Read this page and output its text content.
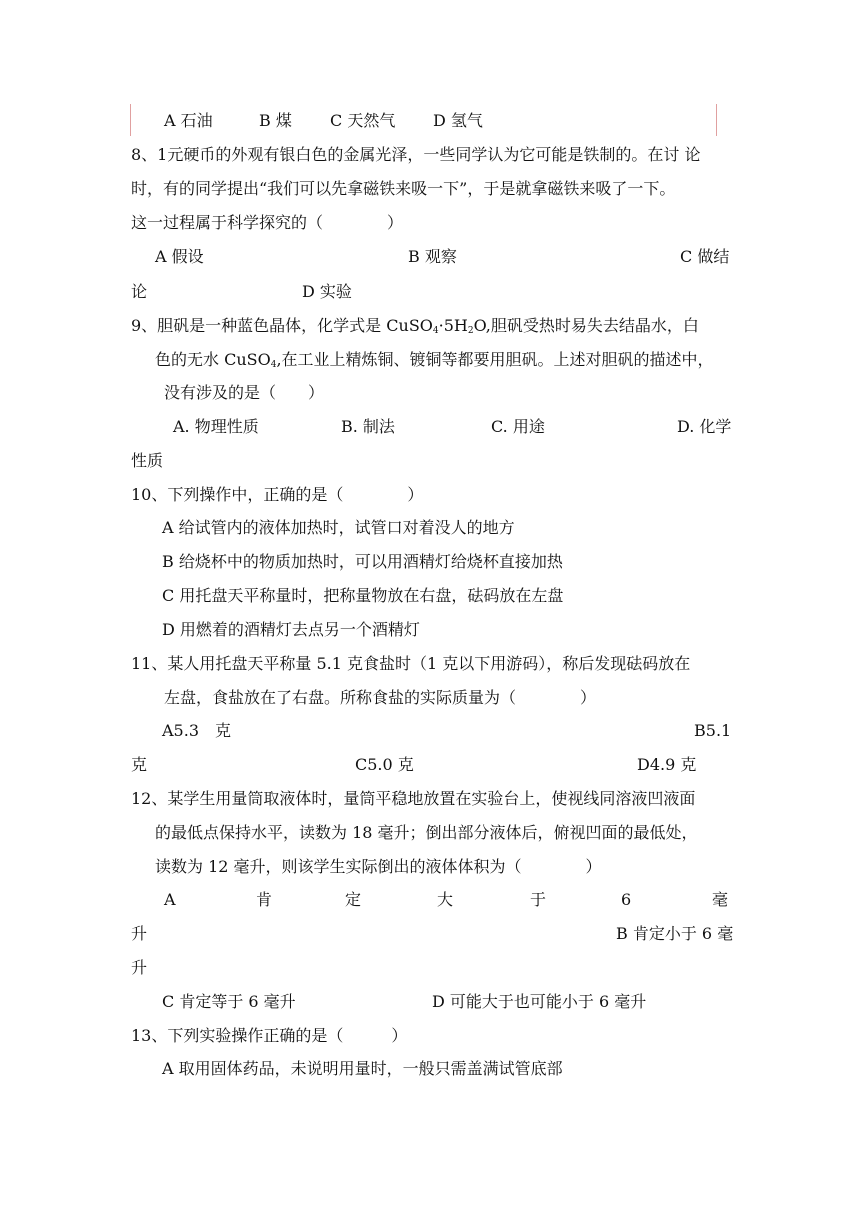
A 石油	B 煤 C 天然气 D 氢气
8、1元硬币的外观有银白色的金属光泽，一些同学认为它可能是铁制的。在讨 论
时，有的同学提出“我们可以先拿磁铁来吸一下”，于是就拿磁铁来吸了一下。
这一过程属于科学探究的（　　　　）
A 假设	B 观察	C 做结
论	D 实验
9、胆矾是一种蓝色晶体，化学式是 $CuSO_4\cdot 5H_2O$,胆矾受热时易失去结晶水，白
色的无水 CuSO$_4$,在工业上精炼铜、镀铜等都要用胆矾。上述对胆矾的描述中，
没有涉及的是（　　）
A. 物理性质	B. 制法	C. 用途	D. 化学
性质
10、下列操作中，正确的是（　　　　）
A 给试管内的液体加热时，试管口对着没人的地方
B 给烧杯中的物质加热时，可以用酒精灯给烧杯直接加热
C 用托盘天平称量时，把称量物放在右盘，砝码放在左盘
D 用燃着的酒精灯去点另一个酒精灯
11、某人用托盘天平称量 5.1 克食盐时（1 克以下用游码），称后发现砝码放在
左盘，食盐放在了右盘。所称食盐的实际质量为（　　　　）
A5.3　克	B5.1
克	C5.0 克	D4.9 克
12、某学生用量筒取液体时，量筒平稳地放置在实验台上，使视线同溶液凹液面
的最低点保持水平，读数为 18 毫升；倒出部分液体后，俯视凹面的最低处，
读数为 12 毫升，则该学生实际倒出的液体体积为（　　　　）
A	肯	定	大	于	6	毫
升	B 肯定小于 6 毫
升
C 肯定等于 6 毫升	D 可能大于也可能小于 6 毫升
13、下列实验操作正确的是（　　　）
A 取用固体药品，未说明用量时，一般只需盖满试管底部
